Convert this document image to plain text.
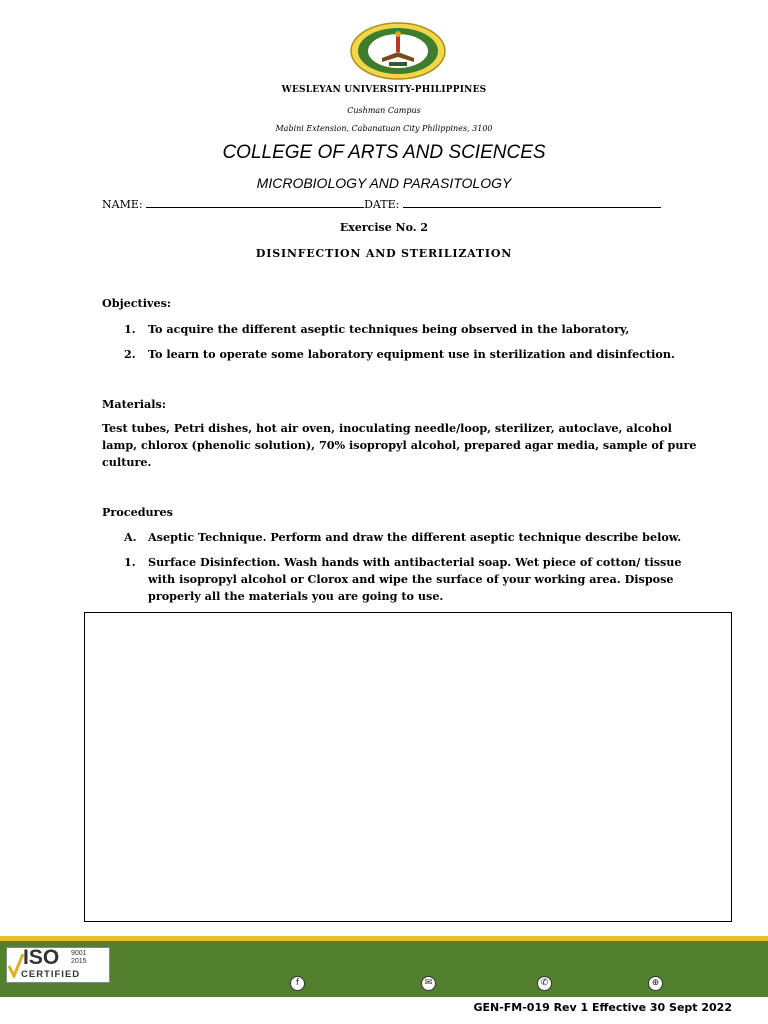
WESLEYAN UNIVERSITY-PHILIPPINES
Cushman Campus
Mabini Extension, Cabanatuan City Philippines, 3100
COLLEGE OF ARTS AND SCIENCES
MICROBIOLOGY AND PARASITOLOGY
NAME:	DATE:
Exercise No. 2
DISINFECTION AND STERILIZATION
Objectives:
1. To acquire the different aseptic techniques being observed in the laboratory,
2. To learn to operate some laboratory equipment use in sterilization and disinfection.
Materials:
Test tubes, Petri dishes, hot air oven, inoculating needle/loop, sterilizer, autoclave, alcohol lamp, chlorox (phenolic solution), 70% isopropyl alcohol, prepared agar media, sample of pure culture.
Procedures
A. Aseptic Technique. Perform and draw the different aseptic technique describe below.
1. Surface Disinfection. Wash hands with antibacterial soap. Wet piece of cotton/ tissue with isopropyl alcohol or Clorox and wipe the surface of your working area. Dispose properly all the materials you are going to use.
ISO 9001
2015
CERTIFIED
f	✉	✆	⊕
GEN-FM-019 Rev 1 Effective 30 Sept 2022
